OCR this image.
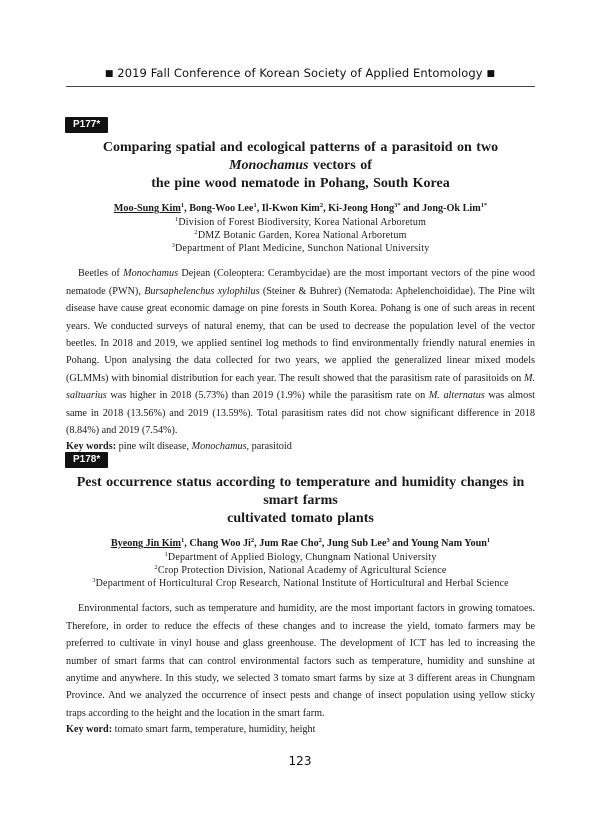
■ 2019 Fall Conference of Korean Society of Applied Entomology ■
P177*
Comparing spatial and ecological patterns of a parasitoid on two Monochamus vectors of
the pine wood nematode in Pohang, South Korea
Moo-Sung Kim$^1$, Bong-Woo Lee$^1$, Il-Kwon Kim$^2$, Ki-Jeong Hong$^{3*}$ and Jong-Ok Lim$^{1*}$
$^1$Division of Forest Biodiversity, Korea National Arboretum
$^2$DMZ Botanic Garden, Korea National Arboretum
$^3$Department of Plant Medicine, Sunchon National University

Beetles of Monochamus Dejean (Coleoptera: Cerambycidae) are the most important vectors of the pine wood nematode (PWN), Bursaphelenchus xylophilus (Steiner & Buhrer) (Nematoda: Aphelenchoididae). The Pine wilt disease have cause great economic damage on pine forests in South Korea. Pohang is one of such areas in recent years. We conducted surveys of natural enemy, that can be used to decrease the population level of the vector beetles. In 2018 and 2019, we applied sentinel log methods to find environmentally friendly natural enemies in Pohang. Upon analysing the data collected for two years, we applied the generalized linear mixed models (GLMMs) with binomial distribution for each year. The result showed that the parasitism rate of parasitoids on M. saltuarius was higher in 2018 (5.73%) than 2019 (1.9%) while the parasitism rate on M. alternatus was almost same in 2018 (13.56%) and 2019 (13.59%). Total parasitism rates did not chow significant difference in 2018 (8.84%) and 2019 (7.54%).

Key words: pine wilt disease, Monochamus, parasitoid

P178*
Pest occurrence status according to temperature and humidity changes in smart farms
cultivated tomato plants
Byeong Jin Kim$^1$, Chang Woo Ji$^2$, Jum Rae Cho$^2$, Jung Sub Lee$^3$ and Young Nam Youn$^1$
$^1$Department of Applied Biology, Chungnam National University
$^2$Crop Protection Division, National Academy of Agricultural Science
$^3$Department of Horticultural Crop Research, National Institute of Horticultural and Herbal Science

Environmental factors, such as temperature and humidity, are the most important factors in growing tomatoes. Therefore, in order to reduce the effects of these changes and to increase the yield, tomato farmers may be preferred to cultivate in vinyl house and glass greenhouse. The development of ICT has led to increasing the number of smart farms that can control environmental factors such as temperature, humidity and sunshine at anytime and anywhere. In this study, we selected 3 tomato smart farms by size at 3 different areas in Chungnam Province. And we analyzed the occurrence of insect pests and change of insect population using yellow sticky traps according to the height and the location in the smart farm.

Key word: tomato smart farm, temperature, humidity, height

123
